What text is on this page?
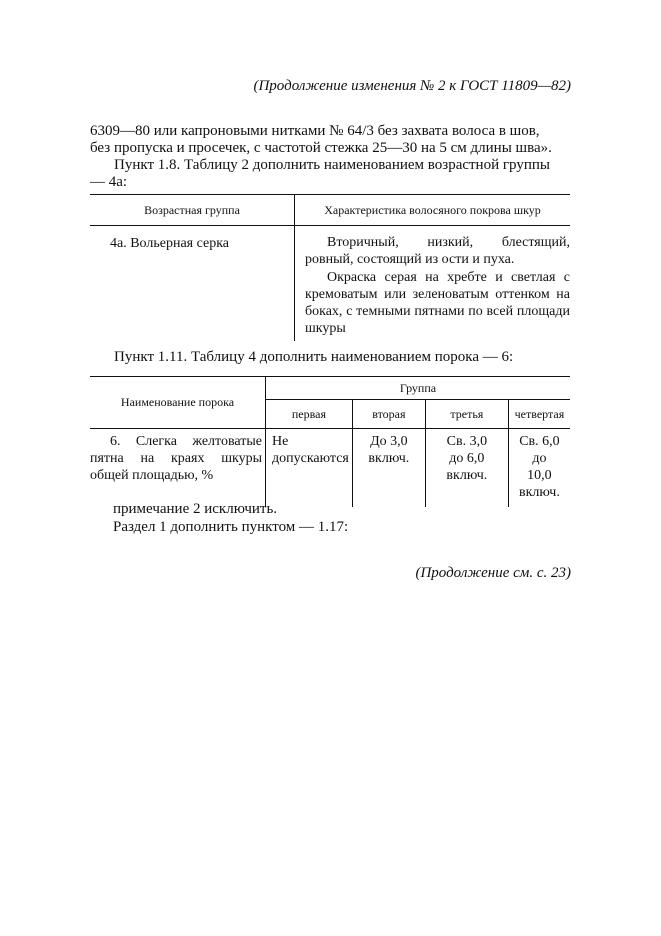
(Продолжение изменения № 2 к ГОСТ 11809—82)

6309—80 или капроновыми нитками № 64/3 без захвата волоса в шов,

без пропуска и просечек, с частотой стежка 25—30 на 5 см длины шва».

Пункт 1.8. Таблицу 2 дополнить наименованием возрастной группы

— 4а:

Возрастная группа	Характеристика волосяного покрова шкур
4а. Вольерная серка	Вторичный, низкий, блестящий, ровный, состоящий из ости и пуха.
Окраска серая на хребте и светлая с кремоватым или зеленоватым оттенком на боках, с темными пятнами по всей площади шкуры

Пункт 1.11. Таблицу 4 дополнить наименованием порока — 6:

Наименование порока	Группа			
	первая	вторая	третья	четвертая
6. Слегка желтоватые пятна на краях шкуры общей площадью, %	Не допускаются	До 3,0 включ.	Св. 3,0 до 6,0 включ.	Св. 6,0 до 10,0 включ.

примечание 2 исключить.

Раздел 1 дополнить пунктом — 1.17:

(Продолжение см. с. 23)
